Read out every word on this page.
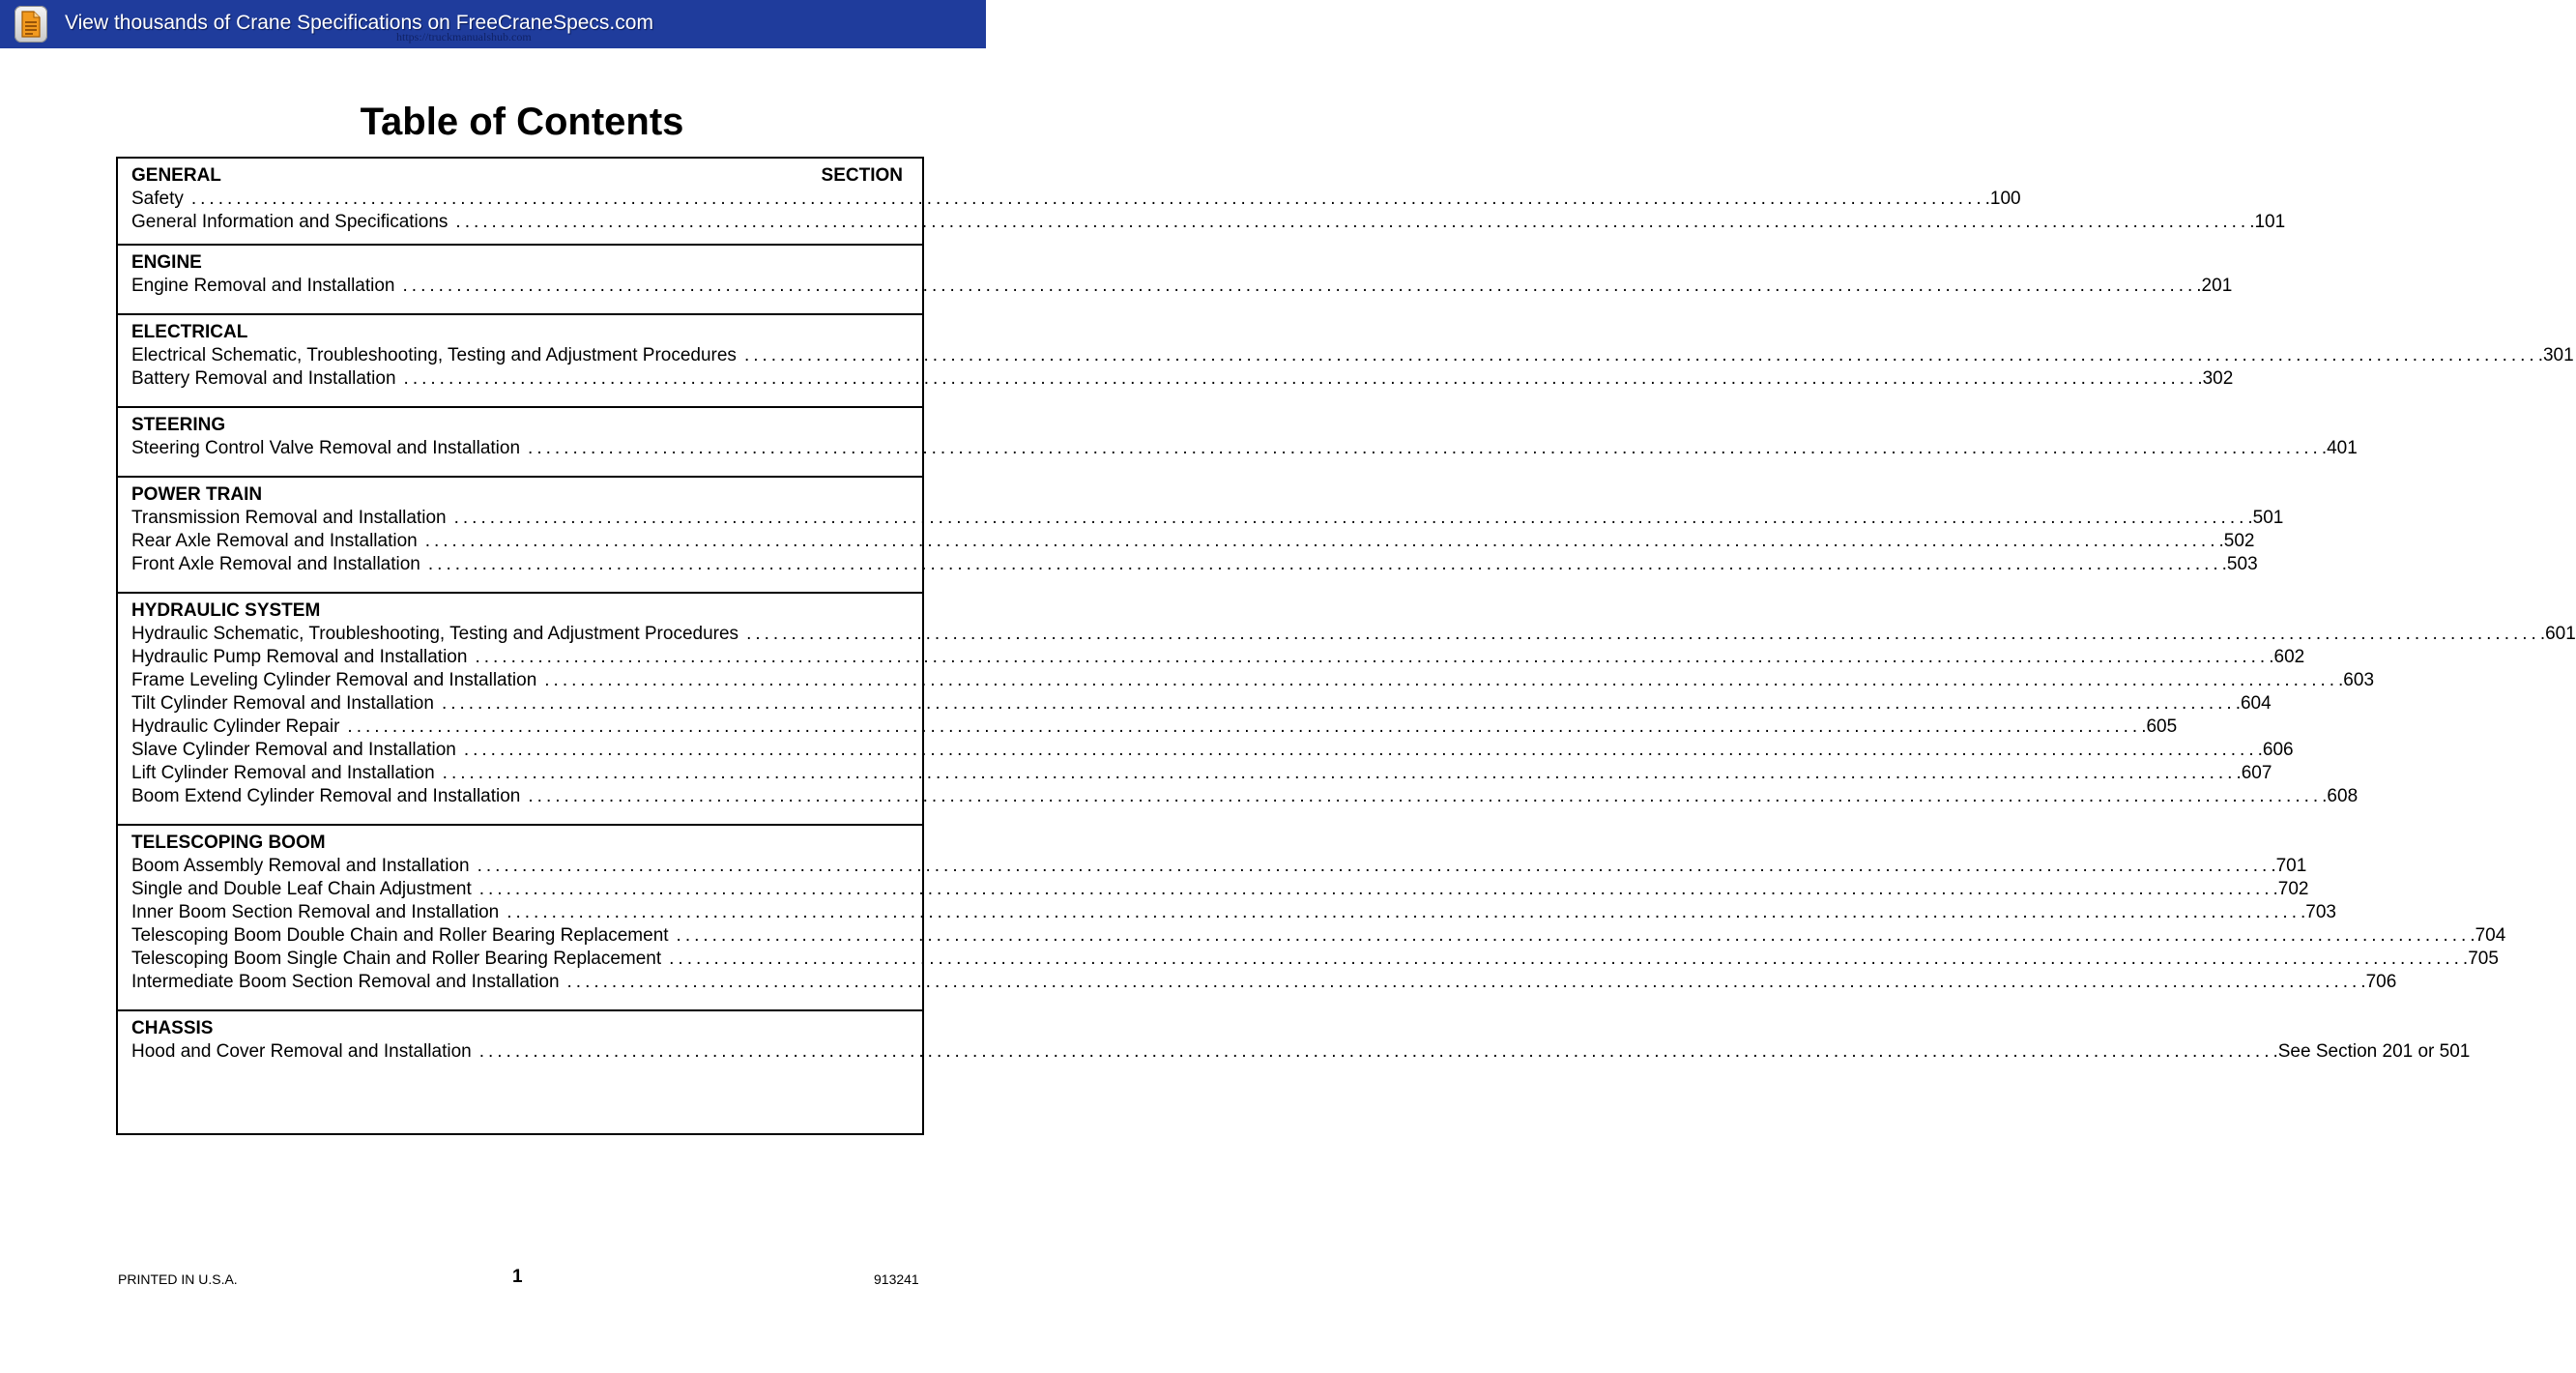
View thousands of Crane Specifications on FreeCraneSpecs.com
https://truckmanualshub.com
Table of Contents
GENERAL	SECTION
Safety ........................................................................................................................................................................................................ .100
General Information and Specifications ........................................................................................................................................................................................................ .101
ENGINE
Engine Removal and Installation ........................................................................................................................................................................................................ .201
ELECTRICAL
Electrical Schematic, Troubleshooting, Testing and Adjustment Procedures ........................................................................................................................................................................................................ .301
Battery Removal and Installation ........................................................................................................................................................................................................ .302
STEERING
Steering Control Valve Removal and Installation ........................................................................................................................................................................................................ .401
POWER TRAIN
Transmission Removal and Installation ........................................................................................................................................................................................................ .501
Rear Axle Removal and Installation ........................................................................................................................................................................................................ .502
Front Axle Removal and Installation ........................................................................................................................................................................................................ .503
HYDRAULIC SYSTEM
Hydraulic Schematic, Troubleshooting, Testing and Adjustment Procedures ........................................................................................................................................................................................................ .601
Hydraulic Pump Removal and Installation ........................................................................................................................................................................................................ .602
Frame Leveling Cylinder Removal and Installation ........................................................................................................................................................................................................ .603
Tilt Cylinder Removal and Installation ........................................................................................................................................................................................................ .604
Hydraulic Cylinder Repair ........................................................................................................................................................................................................ .605
Slave Cylinder Removal and Installation ........................................................................................................................................................................................................ .606
Lift Cylinder Removal and Installation ........................................................................................................................................................................................................ .607
Boom Extend Cylinder Removal and Installation ........................................................................................................................................................................................................ .608
TELESCOPING BOOM
Boom Assembly Removal and Installation ........................................................................................................................................................................................................ .701
Single and Double Leaf Chain Adjustment ........................................................................................................................................................................................................ .702
Inner Boom Section Removal and Installation ........................................................................................................................................................................................................ .703
Telescoping Boom Double Chain and Roller Bearing Replacement ........................................................................................................................................................................................................ .704
Telescoping Boom Single Chain and Roller Bearing Replacement ........................................................................................................................................................................................................ .705
Intermediate Boom Section Removal and Installation ........................................................................................................................................................................................................ .706
CHASSIS
Hood and Cover Removal and Installation ........................................................................................................................................................................................................ .See Section 201 or 501
PRINTED IN U.S.A.	1	913241
